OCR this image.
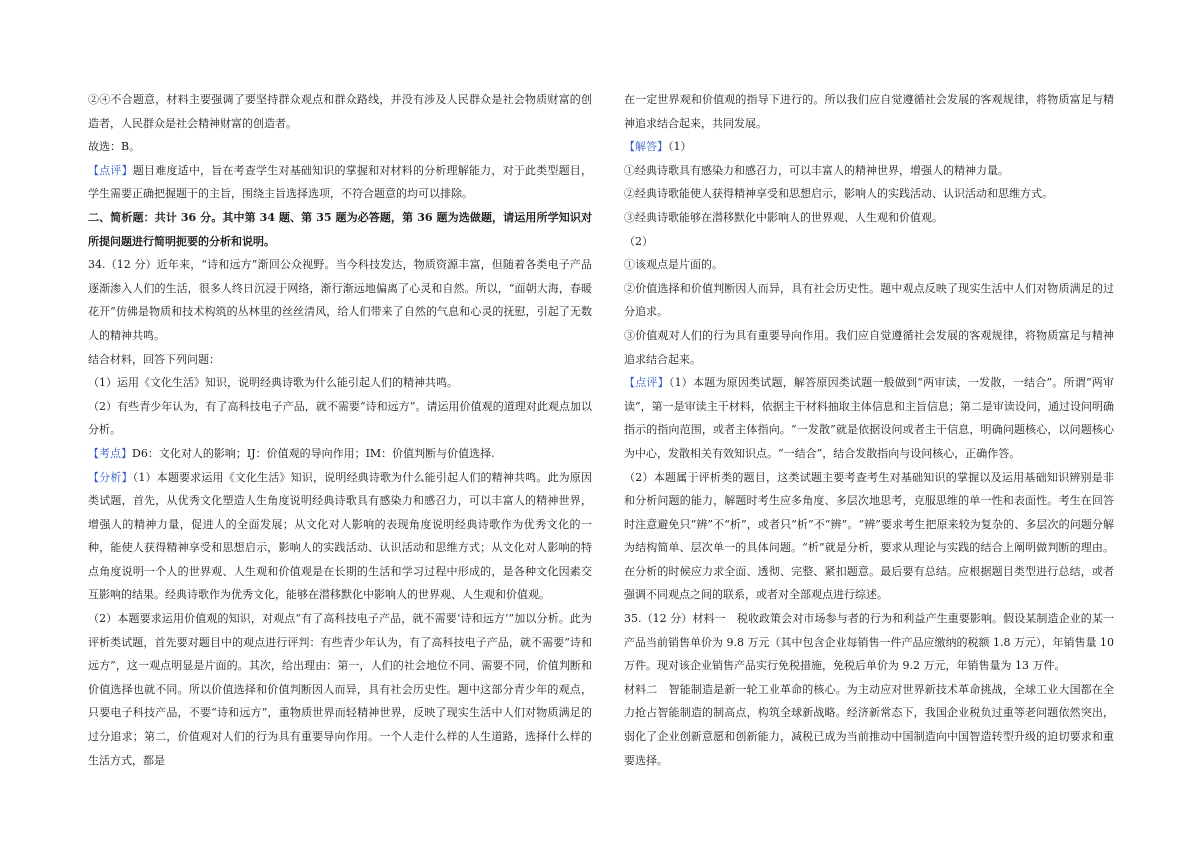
②④不合题意，材料主要强调了要坚持群众观点和群众路线，并没有涉及人民群众是社会物质财富的创造者，人民群众是社会精神财富的创造者。

故选：B。

【点评】题目难度适中，旨在考查学生对基础知识的掌握和对材料的分析理解能力，对于此类型题目，学生需要正确把握题干的主旨，围绕主旨选择选项，不符合题意的均可以排除。

二、简析题：共计 36 分。其中第 34 题、第 35 题为必答题，第 36 题为选做题，请运用所学知识对所提问题进行简明扼要的分析和说明。

34.（12 分）近年来，“诗和远方”渐回公众视野。当今科技发达，物质资源丰富，但随着各类电子产品逐渐渗入人们的生活，很多人终日沉浸于网络，渐行渐远地偏离了心灵和自然。所以，“面朝大海，春暖花开”仿佛是物质和技术构筑的丛林里的丝丝清风，给人们带来了自然的气息和心灵的抚慰，引起了无数人的精神共鸣。

结合材料，回答下列问题：

（1）运用《文化生活》知识，说明经典诗歌为什么能引起人们的精神共鸣。

（2）有些青少年认为，有了高科技电子产品，就不需要“诗和远方”。请运用价值观的道理对此观点加以分析。

【考点】D6：文化对人的影响；IJ：价值观的导向作用；IM：价值判断与价值选择.

【分析】（1）本题要求运用《文化生活》知识，说明经典诗歌为什么能引起人们的精神共鸣。此为原因类试题，首先，从优秀文化塑造人生角度说明经典诗歌具有感染力和感召力，可以丰富人的精神世界，增强人的精神力量，促进人的全面发展；从文化对人影响的表现角度说明经典诗歌作为优秀文化的一种，能使人获得精神享受和思想启示，影响人的实践活动、认识活动和思维方式；从文化对人影响的特点角度说明一个人的世界观、人生观和价值观是在长期的生活和学习过程中形成的，是各种文化因素交互影响的结果。经典诗歌作为优秀文化，能够在潜移默化中影响人的世界观、人生观和价值观。

（2）本题要求运用价值观的知识，对观点“有了高科技电子产品，就不需要‘诗和远方’”加以分析。此为评析类试题，首先要对题目中的观点进行评判：有些青少年认为，有了高科技电子产品，就不需要“诗和远方”，这一观点明显是片面的。其次，给出理由：第一，人们的社会地位不同、需要不同，价值判断和价值选择也就不同。所以价值选择和价值判断因人而异，具有社会历史性。题中这部分青少年的观点，只要电子科技产品，不要“诗和远方”，重物质世界而轻精神世界，反映了现实生活中人们对物质满足的过分追求；第二，价值观对人们的行为具有重要导向作用。一个人走什么样的人生道路，选择什么样的生活方式，都是

在一定世界观和价值观的指导下进行的。所以我们应自觉遵循社会发展的客观规律，将物质富足与精神追求结合起来，共同发展。

【解答】（1）

①经典诗歌具有感染力和感召力，可以丰富人的精神世界，增强人的精神力量。

②经典诗歌能使人获得精神享受和思想启示，影响人的实践活动、认识活动和思维方式。

③经典诗歌能够在潜移默化中影响人的世界观、人生观和价值观。

（2）

①该观点是片面的。

②价值选择和价值判断因人而异，具有社会历史性。题中观点反映了现实生活中人们对物质满足的过分追求。

③价值观对人们的行为具有重要导向作用。我们应自觉遵循社会发展的客观规律，将物质富足与精神追求结合起来。

【点评】（1）本题为原因类试题，解答原因类试题一般做到“两审读，一发散，一结合”。所谓“两审读”，第一是审读主干材料，依据主干材料抽取主体信息和主旨信息；第二是审读设问，通过设问明确指示的指向范围，或者主体指向。“一发散”就是依据设问或者主干信息，明确问题核心，以问题核心为中心，发散相关有效知识点。“一结合”，结合发散指向与设问核心，正确作答。

（2）本题属于评析类的题目，这类试题主要考查考生对基础知识的掌握以及运用基础知识辨别是非和分析问题的能力，解题时考生应多角度、多层次地思考，克服思维的单一性和表面性。考生在回答时注意避免只“辨”不“析”，或者只“析”不“辨”。“辨”要求考生把原来较为复杂的、多层次的问题分解为结构简单、层次单一的具体问题。“析”就是分析，要求从理论与实践的结合上阐明做判断的理由。在分析的时候应力求全面、透彻、完整、紧扣题意。最后要有总结。应根据题目类型进行总结，或者强调不同观点之间的联系，或者对全部观点进行综述。

35.（12 分）材料一　税收政策会对市场参与者的行为和利益产生重要影响。假设某制造企业的某一产品当前销售单价为 9.8 万元（其中包含企业每销售一件产品应缴纳的税额 1.8 万元），年销售量 10 万件。现对该企业销售产品实行免税措施，免税后单价为 9.2 万元，年销售量为 13 万件。

材料二　智能制造是新一轮工业革命的核心。为主动应对世界新技术革命挑战，全球工业大国都在全力抢占智能制造的制高点，构筑全球新战略。经济新常态下，我国企业税负过重等老问题依然突出，弱化了企业创新意愿和创新能力，减税已成为当前推动中国制造向中国智造转型升级的迫切要求和重要选择。
